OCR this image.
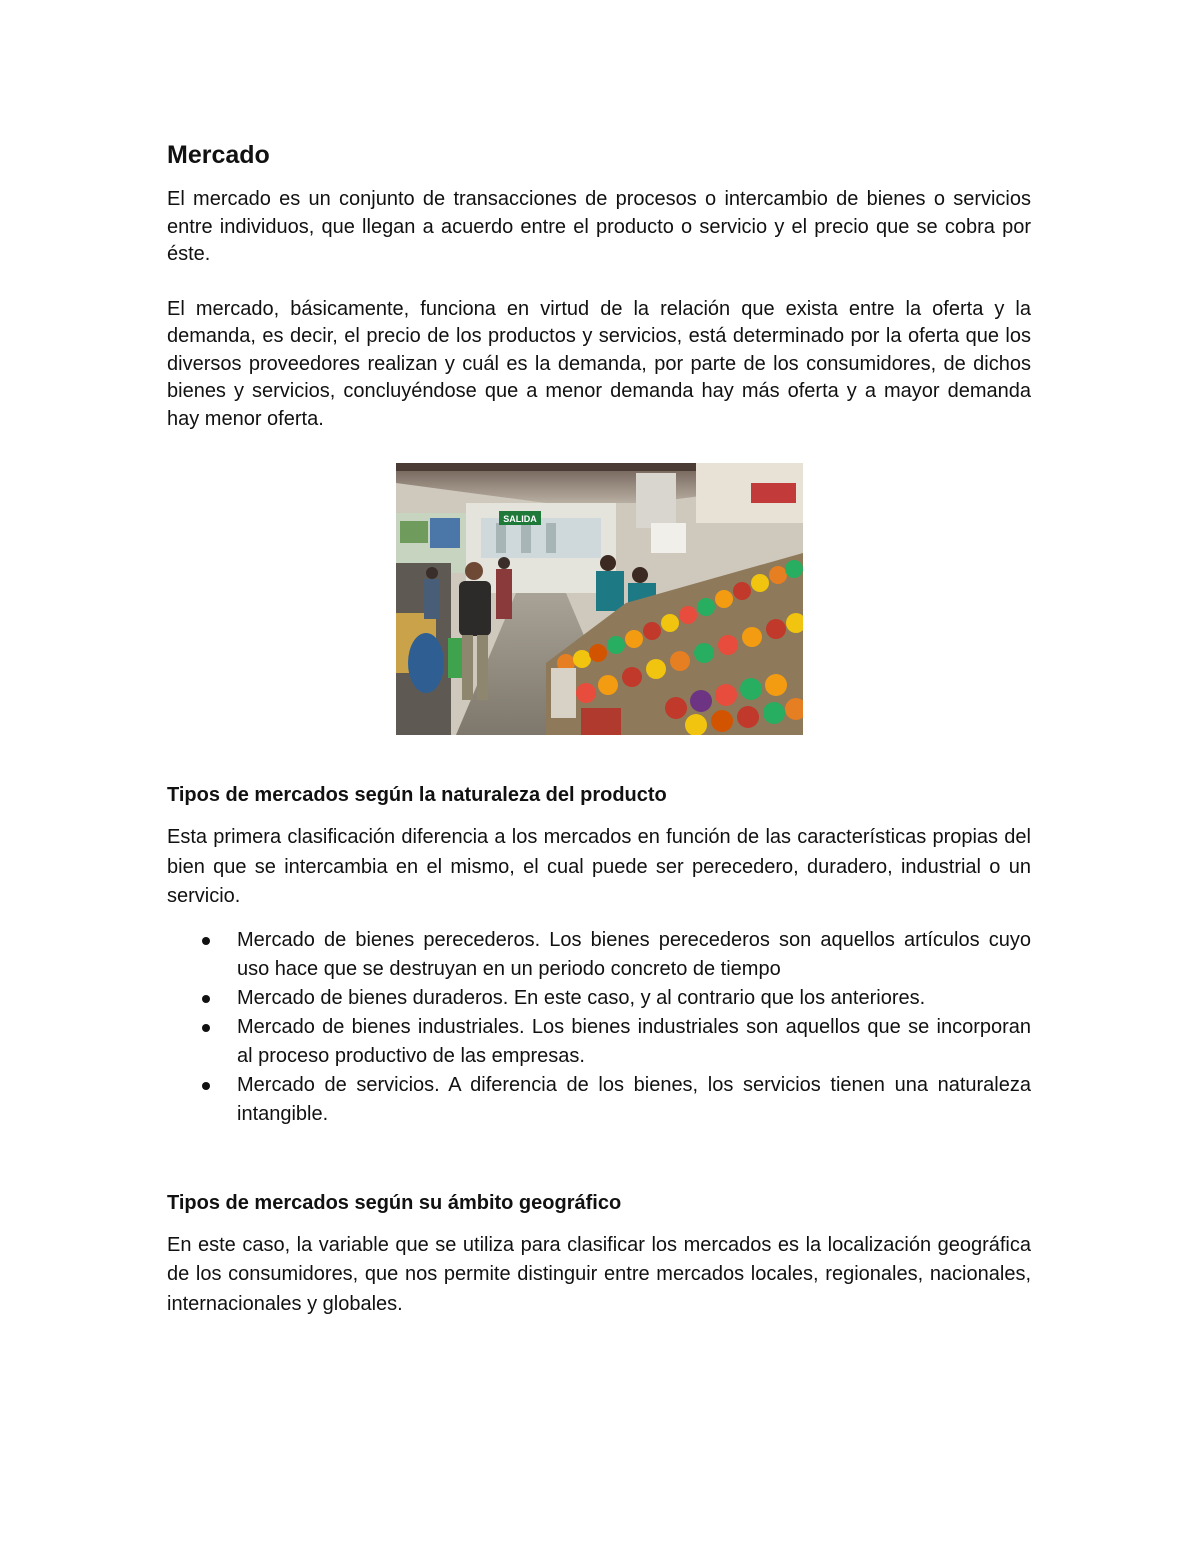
Mercado

El mercado es un conjunto de transacciones de procesos o intercambio de bienes o servicios entre individuos, que llegan a acuerdo entre el producto o servicio y el precio que se cobra por éste.

El mercado, básicamente, funciona en virtud de la relación que exista entre la oferta y la demanda, es decir, el precio de los productos y servicios, está determinado por la oferta que los diversos proveedores realizan y cuál es la demanda, por parte de los consumidores, de dichos bienes y servicios, concluyéndose que a menor demanda hay más oferta y a mayor demanda hay menor oferta.

SALIDA
Tipos de mercados según la naturaleza del producto

Esta primera clasificación diferencia a los mercados en función de las características propias del bien que se intercambia en el mismo, el cual puede ser perecedero, duradero, industrial o un servicio.

Mercado de bienes perecederos. Los bienes perecederos son aquellos artículos cuyo uso hace que se destruyan en un periodo concreto de tiempo
Mercado de bienes duraderos. En este caso, y al contrario que los anteriores.
Mercado de bienes industriales. Los bienes industriales son aquellos que se incorporan al proceso productivo de las empresas.
Mercado de servicios. A diferencia de los bienes, los servicios tienen una naturaleza intangible.
Tipos de mercados según su ámbito geográfico

En este caso, la variable que se utiliza para clasificar los mercados es la localización geográfica de los consumidores, que nos permite distinguir entre mercados locales, regionales, nacionales, internacionales y globales.
